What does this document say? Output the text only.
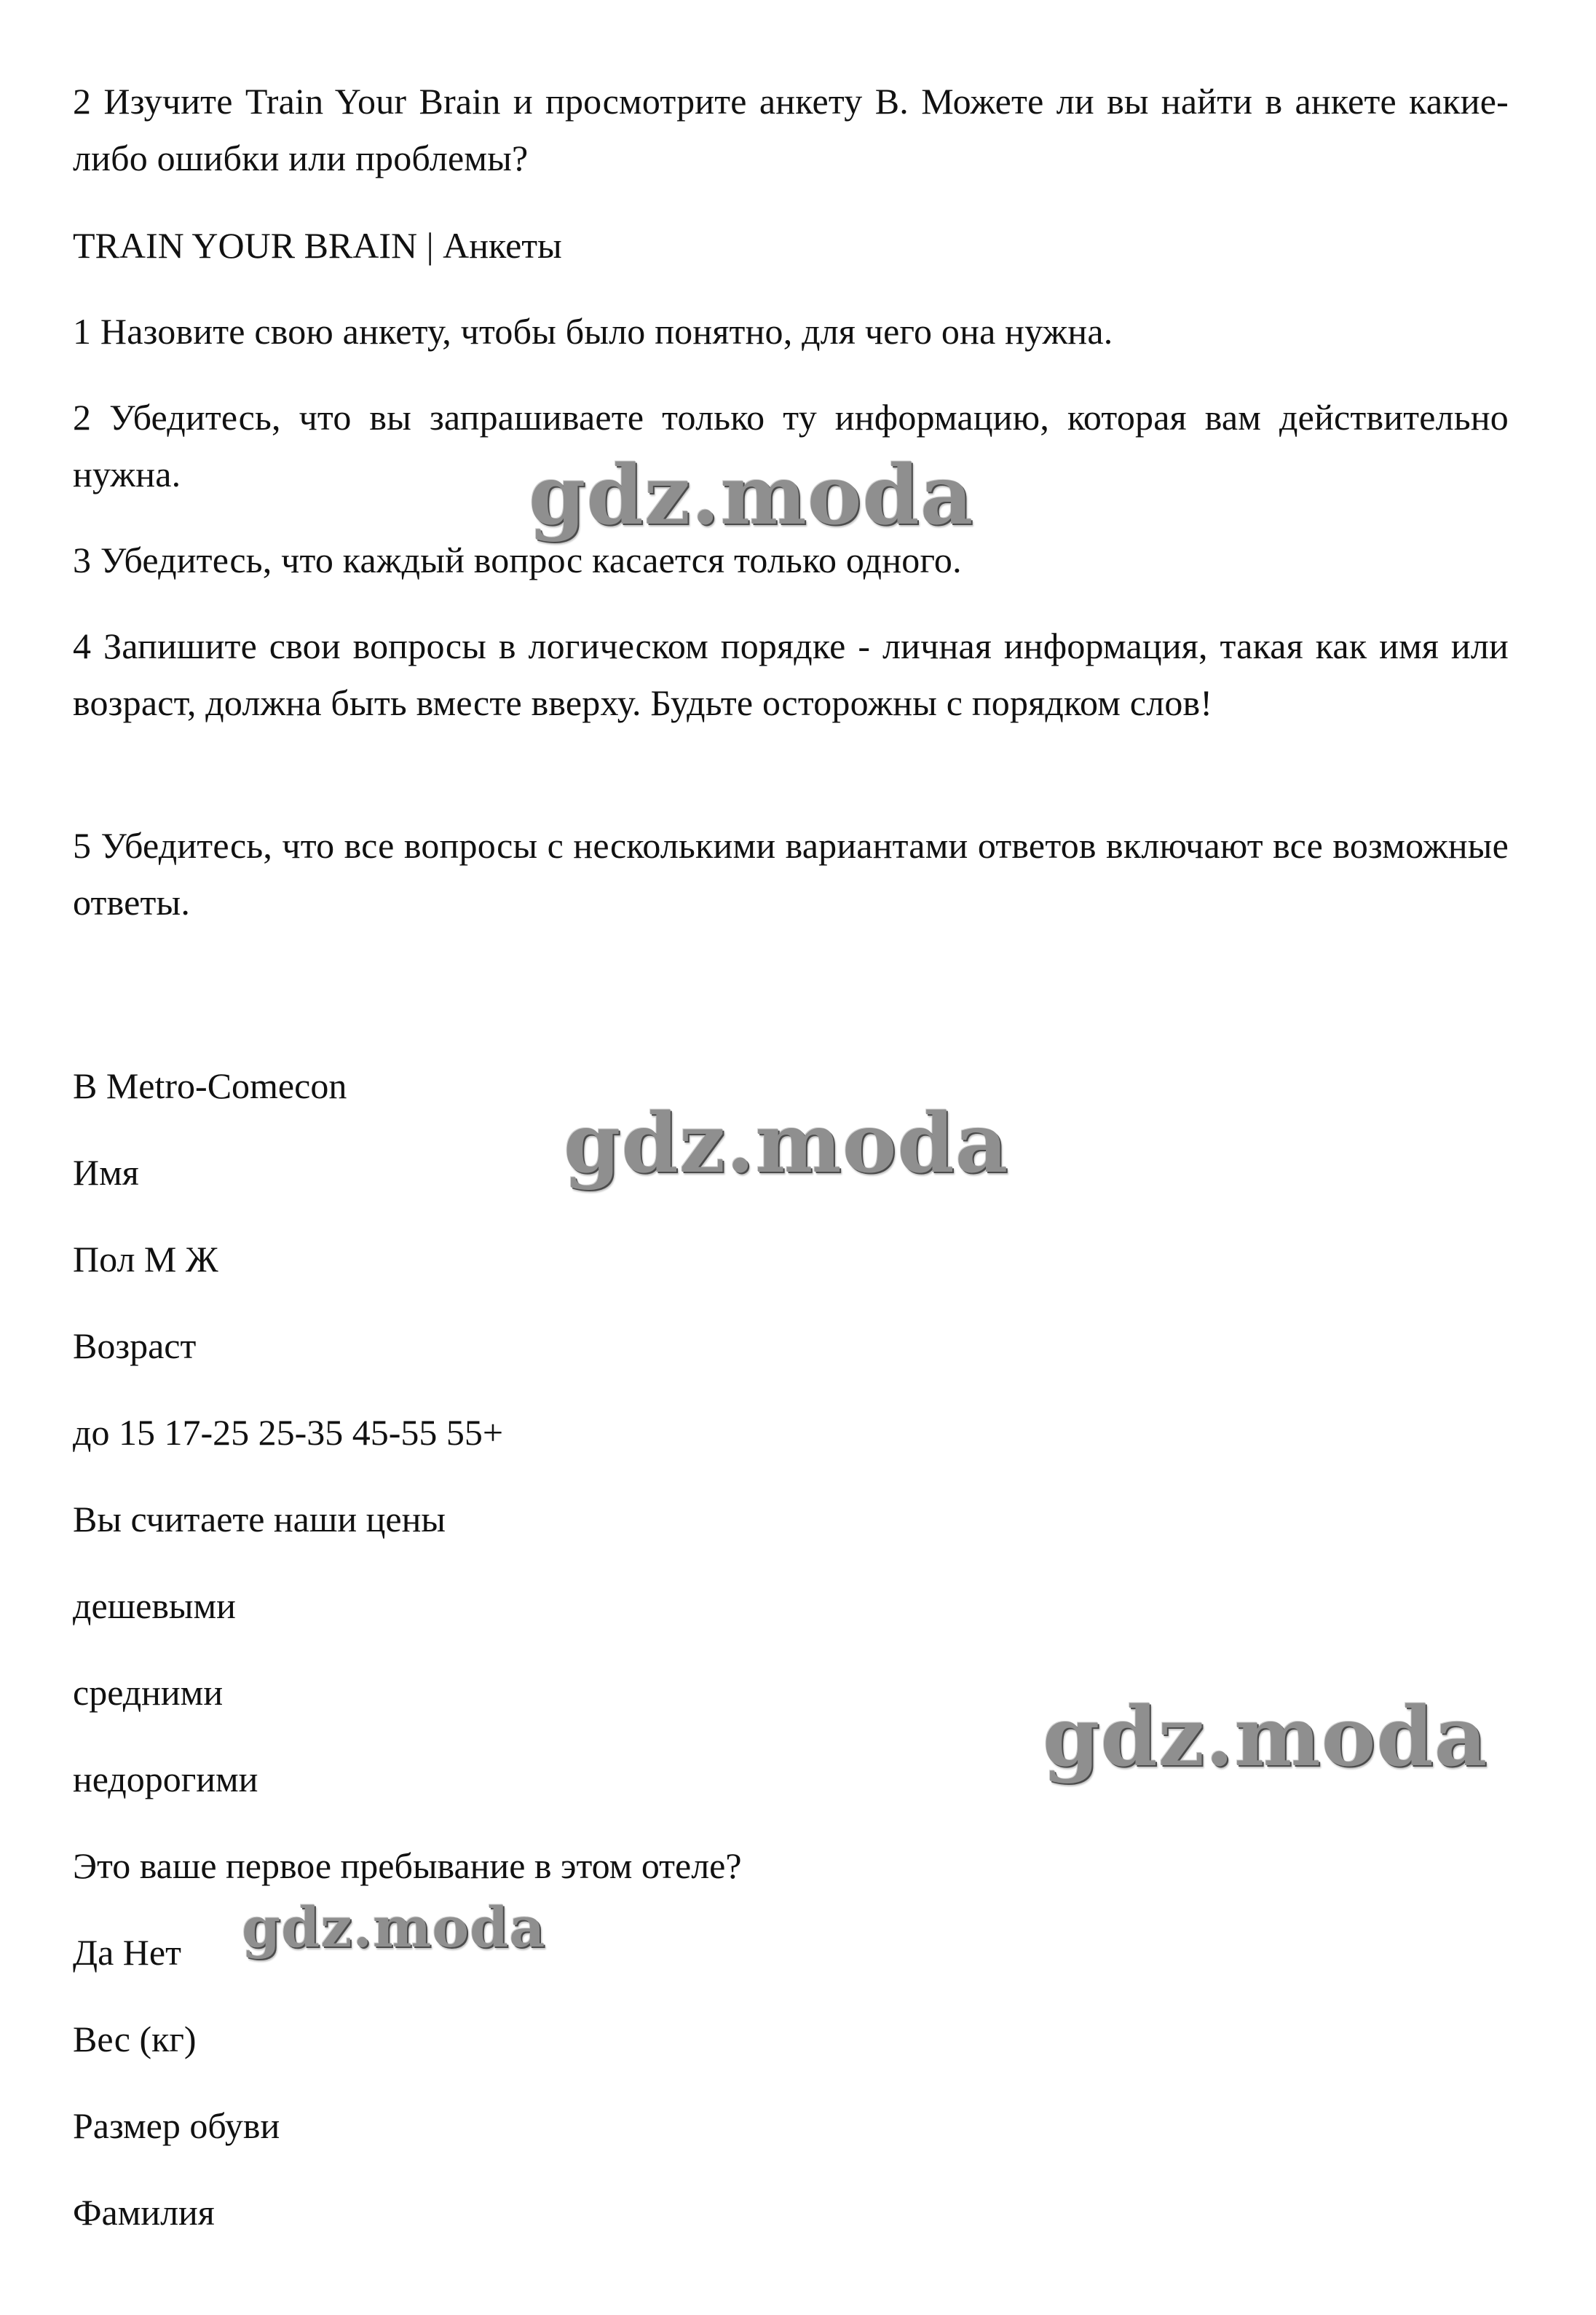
2 Изучите Train Your Brain и просмотрите анкету B. Можете ли вы найти в анкете какие-либо ошибки или проблемы?

TRAIN YOUR BRAIN | Анкеты

1 Назовите свою анкету, чтобы было понятно, для чего она нужна.

2 Убедитесь, что вы запрашиваете только ту информацию, которая вам действительно нужна.

3 Убедитесь, что каждый вопрос касается только одного.

4 Запишите свои вопросы в логическом порядке - личная информация, такая как имя или возраст, должна быть вместе вверху. Будьте осторожны с порядком слов!

5 Убедитесь, что все вопросы с несколькими вариантами ответов включают все возможные ответы.

B Metro-Comecon

Имя

Пол М Ж

Возраст

до 15 17-25 25-35 45-55 55+

Вы считаете наши цены

дешевыми

средними

недорогими

Это ваше первое пребывание в этом отеле?

Да Нет

Вес (кг)

Размер обуви

Фамилия

gdz.moda
gdz.moda
gdz.moda
gdz.moda
